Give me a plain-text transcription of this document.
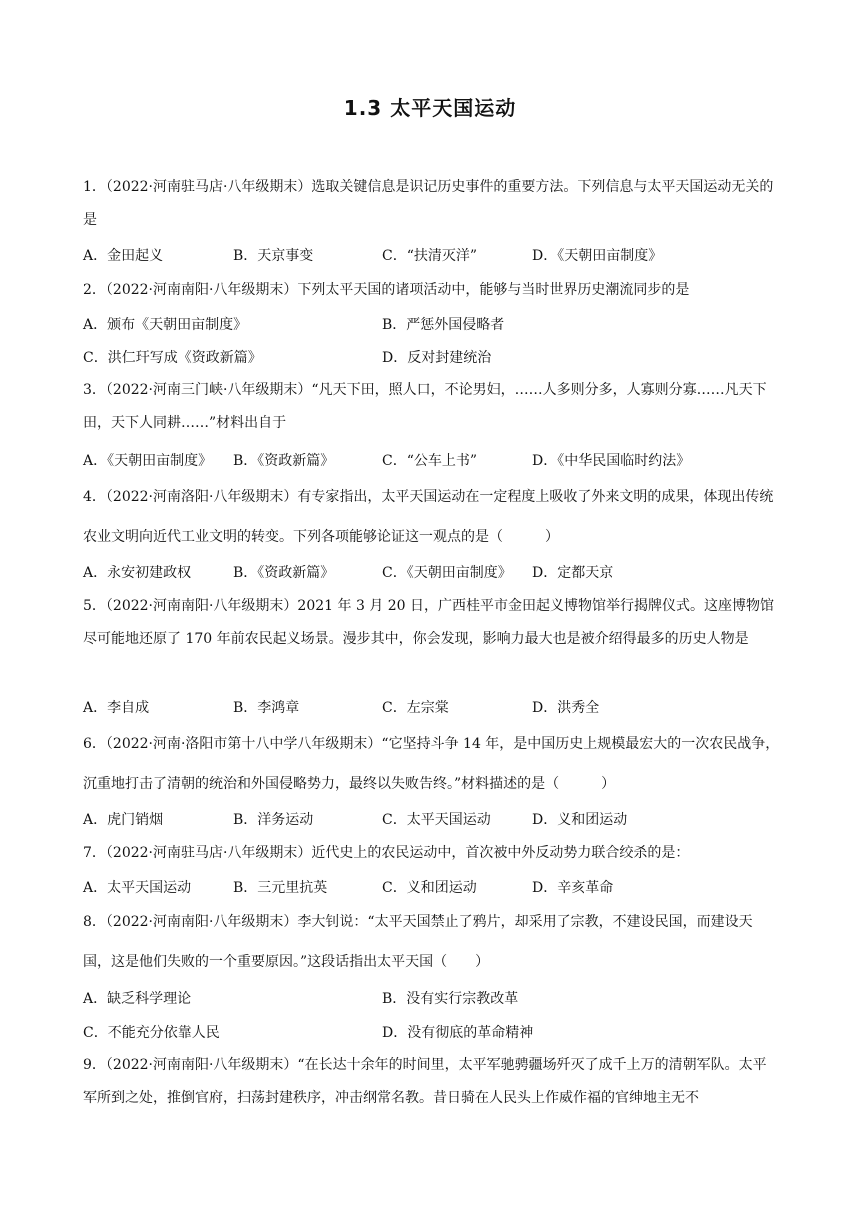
1.3 太平天国运动
1．（2022·河南驻马店·八年级期末）选取关键信息是识记历史事件的重要方法。下列信息与太平天国运动无关的是
A．金田起义	B．天京事变	C．“扶清灭洋”	D．《天朝田亩制度》
2．（2022·河南南阳·八年级期末）下列太平天国的诸项活动中，能够与当时世界历史潮流同步的是
A．颁布《天朝田亩制度》	B．严惩外国侵略者
C．洪仁玕写成《资政新篇》	D．反对封建统治
3．（2022·河南三门峡·八年级期末）“凡天下田，照人口，不论男妇，……人多则分多，人寡则分寡……凡天下田，天下人同耕……”材料出自于
A．《天朝田亩制度》 B．《资政新篇》	C．“公车上书”	D．《中华民国临时约法》
4．（2022·河南洛阳·八年级期末）有专家指出，太平天国运动在一定程度上吸收了外来文明的成果，体现出传统农业文明向近代工业文明的转变。下列各项能够论证这一观点的是（　　　）
A．永安初建政权	B．《资政新篇》	C．《天朝田亩制度》 D．定都天京
5．（2022·河南南阳·八年级期末）2021 年 3 月 20 日，广西桂平市金田起义博物馆举行揭牌仪式。这座博物馆尽可能地还原了 170 年前农民起义场景。漫步其中，你会发现，影响力最大也是被介绍得最多的历史人物是
A．李自成	B．李鸿章	C．左宗棠	D．洪秀全
6．（2022·河南·洛阳市第十八中学八年级期末）“它坚持斗争 14 年，是中国历史上规模最宏大的一次农民战争，沉重地打击了清朝的统治和外国侵略势力，最终以失败告终。”材料描述的是（　　　）
A．虎门销烟	B．洋务运动	C．太平天国运动	D．义和团运动
7．（2022·河南驻马店·八年级期末）近代史上的农民运动中，首次被中外反动势力联合绞杀的是：
A．太平天国运动	B．三元里抗英	C．义和团运动	D．辛亥革命
8．（2022·河南南阳·八年级期末）李大钊说：“太平天国禁止了鸦片，却采用了宗教，不建设民国，而建设天国，这是他们失败的一个重要原因。”这段话指出太平天国（　　）
A．缺乏科学理论	B．没有实行宗教改革
C．不能充分依靠人民	D．没有彻底的革命精神
9．（2022·河南南阳·八年级期末）“在长达十余年的时间里，太平军驰骋疆场歼灭了成千上万的清朝军队。太平军所到之处，推倒官府，扫荡封建秩序，冲击纲常名教。昔日骑在人民头上作威作福的官绅地主无不
